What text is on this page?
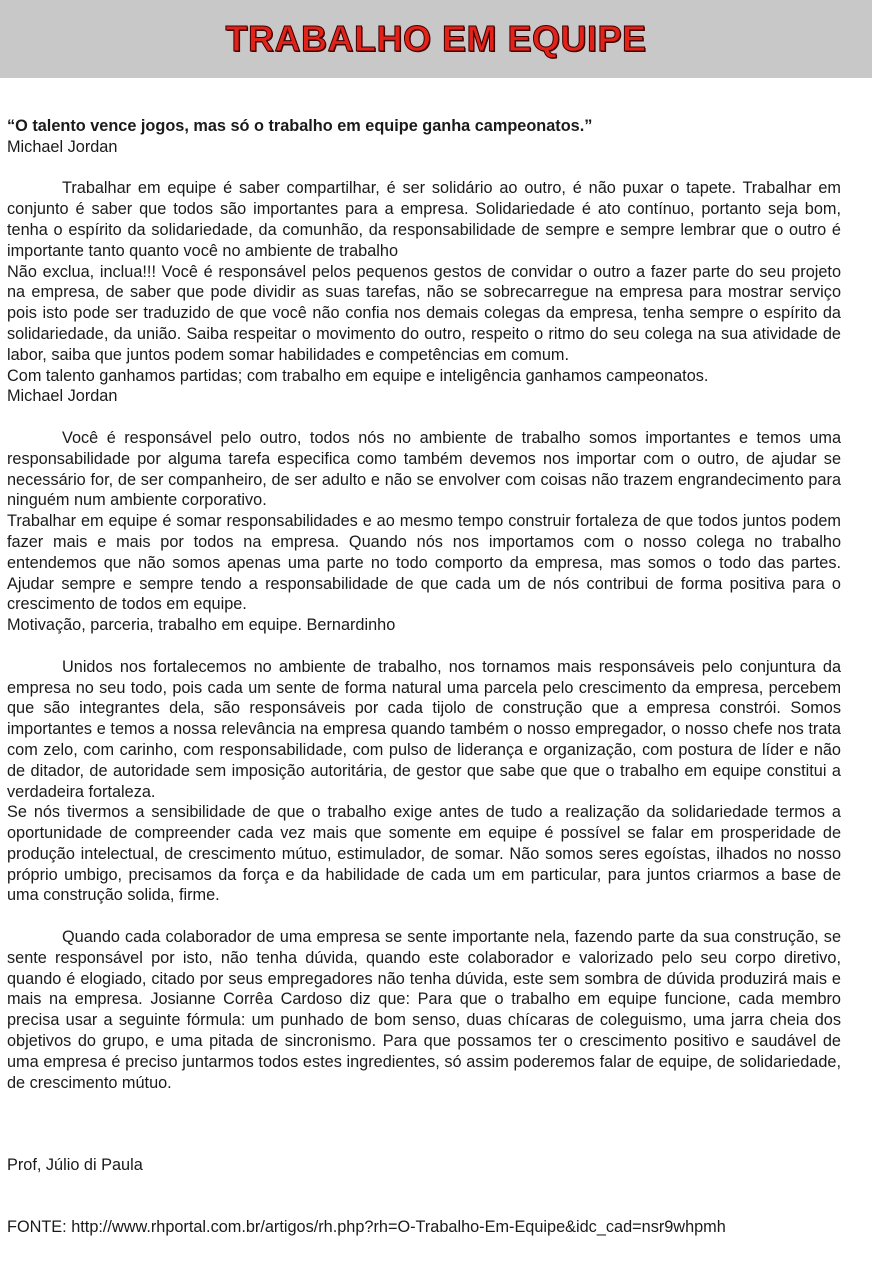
TRABALHO EM EQUIPE

“O talento vence jogos, mas só o trabalho em equipe ganha campeonatos.”

Michael Jordan

Trabalhar em equipe é saber compartilhar, é ser solidário ao outro, é não puxar o tapete. Trabalhar em conjunto é saber que todos são importantes para a empresa. Solidariedade é ato contínuo, portanto seja bom, tenha o espírito da solidariedade, da comunhão, da responsabilidade de sempre e sempre lembrar que o outro é importante tanto quanto você no ambiente de trabalho

Não exclua, inclua!!! Você é responsável pelos pequenos gestos de convidar o outro a fazer parte do seu projeto na empresa, de saber que pode dividir as suas tarefas, não se sobrecarregue na empresa para mostrar serviço pois isto pode ser traduzido de que você não confia nos demais colegas da empresa, tenha sempre o espírito da solidariedade, da união. Saiba respeitar o movimento do outro, respeito o ritmo do seu colega na sua atividade de labor, saiba que juntos podem somar habilidades e competências em comum.

Com talento ganhamos partidas; com trabalho em equipe e inteligência ganhamos campeonatos.

Michael Jordan

Você é responsável pelo outro, todos nós no ambiente de trabalho somos importantes e temos uma responsabilidade por alguma tarefa especifica como também devemos nos importar com o outro, de ajudar se necessário for, de ser companheiro, de ser adulto e não se envolver com coisas não trazem engrandecimento para ninguém num ambiente corporativo.

Trabalhar em equipe é somar responsabilidades e ao mesmo tempo construir fortaleza de que todos juntos podem fazer mais e mais por todos na empresa. Quando nós nos importamos com o nosso colega no trabalho entendemos que não somos apenas uma parte no todo comporto da empresa, mas somos o todo das partes. Ajudar sempre e sempre tendo a responsabilidade de que cada um de nós contribui de forma positiva para o crescimento de todos em equipe.

Motivação, parceria, trabalho em equipe. Bernardinho

Unidos nos fortalecemos no ambiente de trabalho, nos tornamos mais responsáveis pelo conjuntura da empresa no seu todo, pois cada um sente de forma natural uma parcela pelo crescimento da empresa, percebem que são integrantes dela, são responsáveis por cada tijolo de construção que a empresa constrói. Somos importantes e temos a nossa relevância na empresa quando também o nosso empregador, o nosso chefe nos trata com zelo, com carinho, com responsabilidade, com pulso de liderança e organização, com postura de líder e não de ditador, de autoridade sem imposição autoritária, de gestor que sabe que que o trabalho em equipe constitui a verdadeira fortaleza.

Se nós tivermos a sensibilidade de que o trabalho exige antes de tudo a realização da solidariedade termos a oportunidade de compreender cada vez mais que somente em equipe é possível se falar em prosperidade de produção intelectual, de crescimento mútuo, estimulador, de somar. Não somos seres egoístas, ilhados no nosso próprio umbigo, precisamos da força e da habilidade de cada um em particular, para juntos criarmos a base de uma construção solida, firme.

Quando cada colaborador de uma empresa se sente importante nela, fazendo parte da sua construção, se sente responsável por isto, não tenha dúvida, quando este colaborador e valorizado pelo seu corpo diretivo, quando é elogiado, citado por seus empregadores não tenha dúvida, este sem sombra de dúvida produzirá mais e mais na empresa. Josianne Corrêa Cardoso diz que: Para que o trabalho em equipe funcione, cada membro precisa usar a seguinte fórmula: um punhado de bom senso, duas chícaras de coleguismo, uma jarra cheia dos objetivos do grupo, e uma pitada de sincronismo. Para que possamos ter o crescimento positivo e saudável de uma empresa é preciso juntarmos todos estes ingredientes, só assim poderemos falar de equipe, de solidariedade, de crescimento mútuo.

Prof, Júlio di Paula
FONTE: http://www.rhportal.com.br/artigos/rh.php?rh=O-Trabalho-Em-Equipe&idc_cad=nsr9whpmh
